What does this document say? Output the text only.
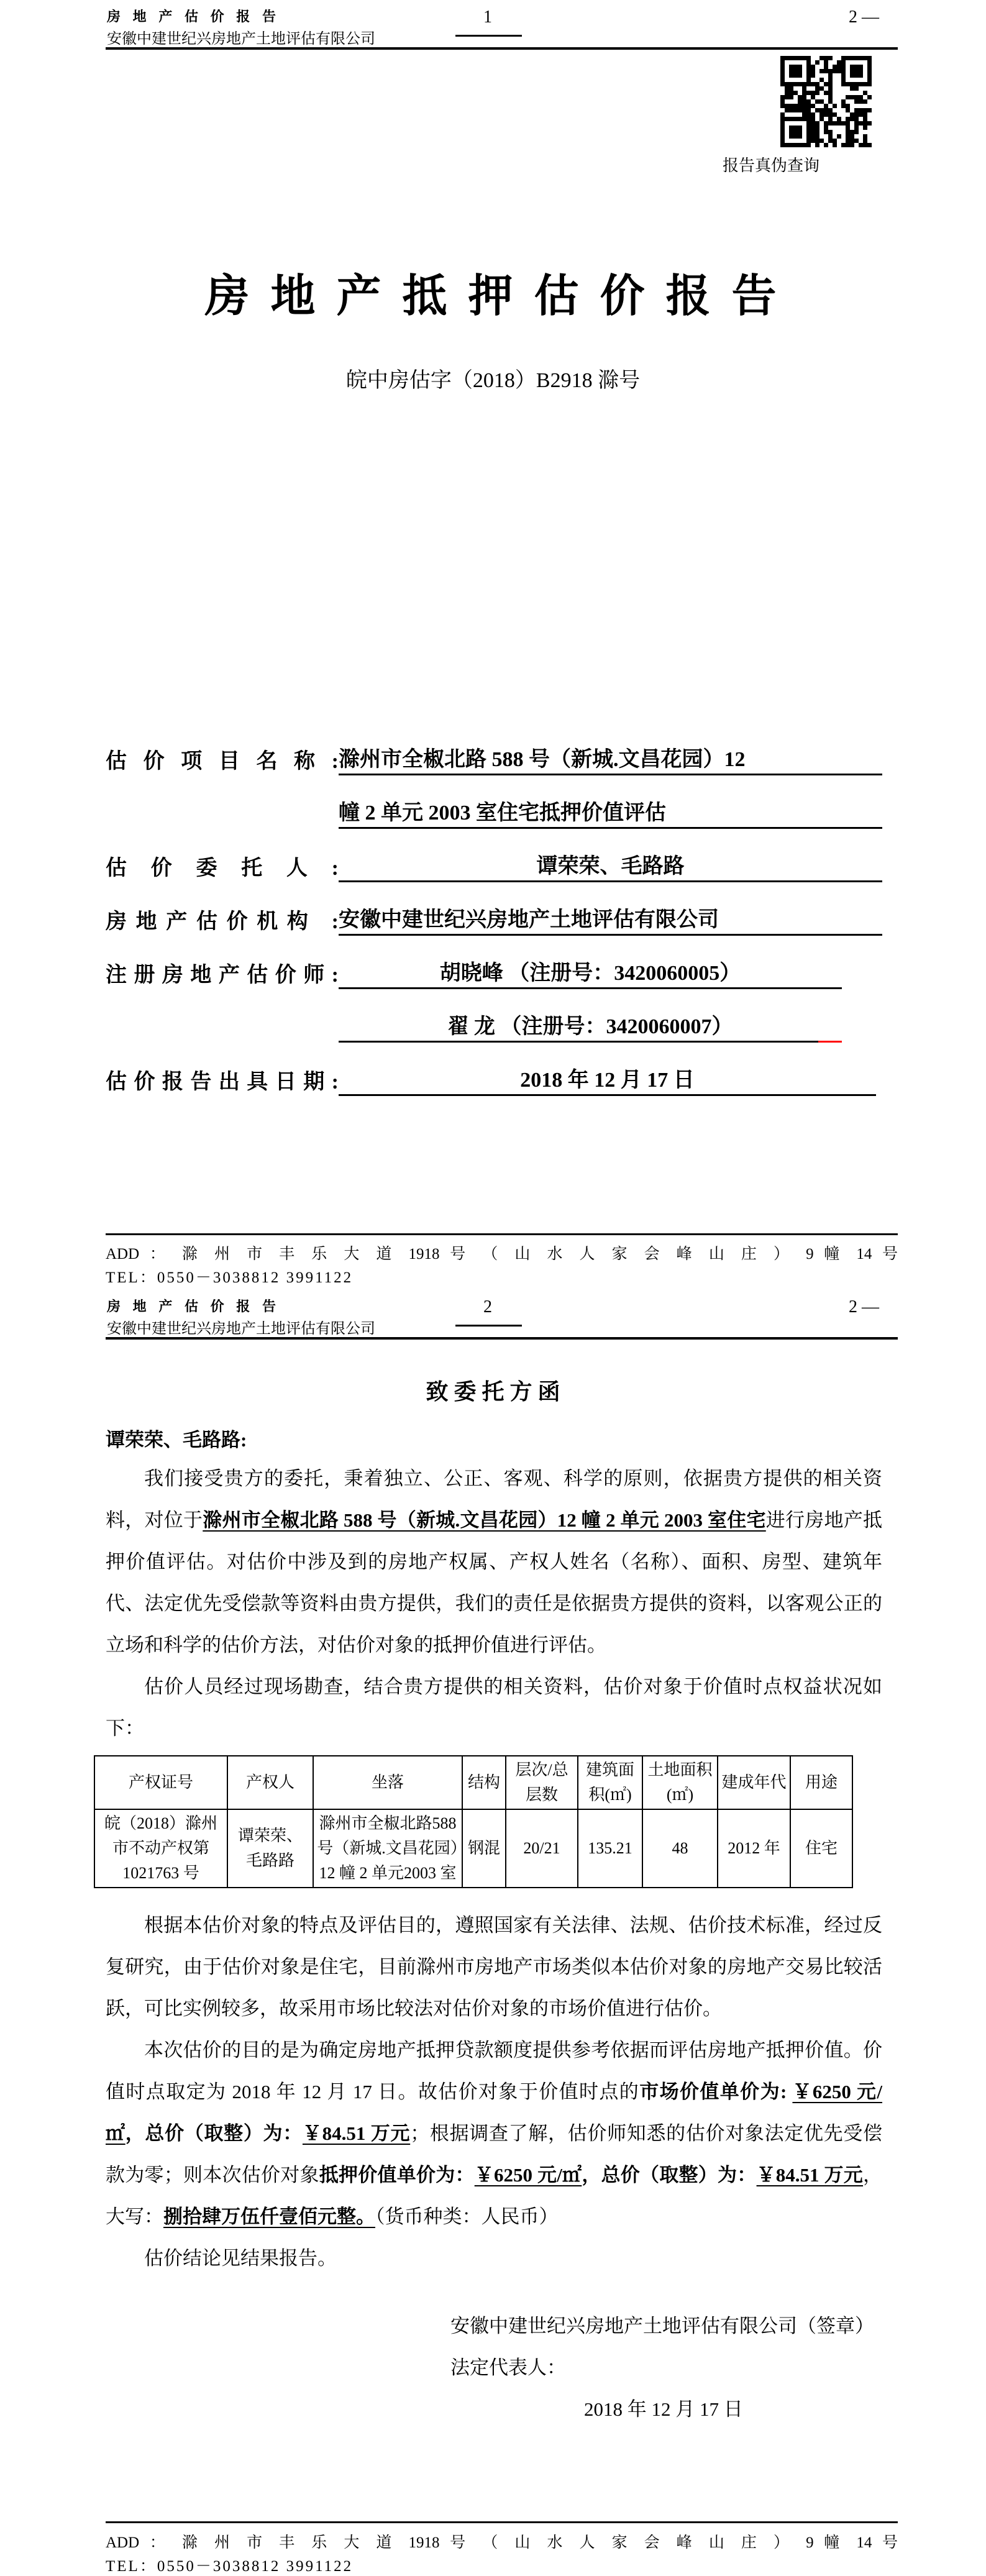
房 地 产 估 价 报 告	1	2 —
安徽中建世纪兴房地产土地评估有限公司
报告真伪查询
房 地 产 抵 押 估 价 报 告
皖中房估字（2018）B2918 滁号
估 价 项 目 名 称 : 滁州市全椒北路 588 号（新城.文昌花园）12
幢 2 单元 2003 室住宅抵押价值评估
估 价 委 托 人 :	谭荣荣、毛路路
房地产估价机构 : 安徽中建世纪兴房地产土地评估有限公司
注册房地产估价师:	胡晓峰 （注册号：3420060005）
翟 龙 （注册号：3420060007）
估价报告出具日期:	2018 年 12 月 17 日
ADD ： 滁 州 市 丰 乐 大 道 1918 号 （ 山 水 人 家 会 峰 山 庄 ） 9 幢 14 号
TEL：0550－3038812 3991122
房 地 产 估 价 报 告	2	2 —
安徽中建世纪兴房地产土地评估有限公司
致 委 托 方 函
谭荣荣、毛路路:

我们接受贵方的委托，秉着独立、公正、客观、科学的原则，依据贵方提供的相关资料，对位于滁州市全椒北路 588 号（新城.文昌花园）12 幢 2 单元 2003 室住宅进行房地产抵押价值评估。对估价中涉及到的房地产权属、产权人姓名（名称）、面积、房型、建筑年代、法定优先受偿款等资料由贵方提供，我们的责任是依据贵方提供的资料，以客观公正的立场和科学的估价方法，对估价对象的抵押价值进行评估。

估价人员经过现场勘查，结合贵方提供的相关资料，估价对象于价值时点权益状况如下：

产权证号	产权人	坐落	结构	层次/总层数	建筑面积(㎡)	土地面积(㎡)	建成年代	用途
皖（2018）滁州市不动产权第1021763 号	谭荣荣、毛路路	滁州市全椒北路588 号（新城.文昌花园）12 幢 2 单元2003 室	钢混	20/21	135.21	48	2012 年	住宅

根据本估价对象的特点及评估目的，遵照国家有关法律、法规、估价技术标准，经过反复研究，由于估价对象是住宅，目前滁州市房地产市场类似本估价对象的房地产交易比较活跃，可比实例较多，故采用市场比较法对估价对象的市场价值进行估价。

本次估价的目的是为确定房地产抵押贷款额度提供参考依据而评估房地产抵押价值。价值时点取定为 2018 年 12 月 17 日。故估价对象于价值时点的市场价值单价为: ￥6250 元/㎡，总价（取整）为：￥84.51 万元；根据调查了解，估价师知悉的估价对象法定优先受偿款为零；则本次估价对象抵押价值单价为：￥6250 元/㎡，总价（取整）为：￥84.51 万元，大写：捌拾肆万伍仟壹佰元整。（货币种类：人民币）

估价结论见结果报告。

安徽中建世纪兴房地产土地评估有限公司（签章）
法定代表人：
2018 年 12 月 17 日
ADD ： 滁 州 市 丰 乐 大 道 1918 号 （ 山 水 人 家 会 峰 山 庄 ） 9 幢 14 号
TEL：0550－3038812 3991122
